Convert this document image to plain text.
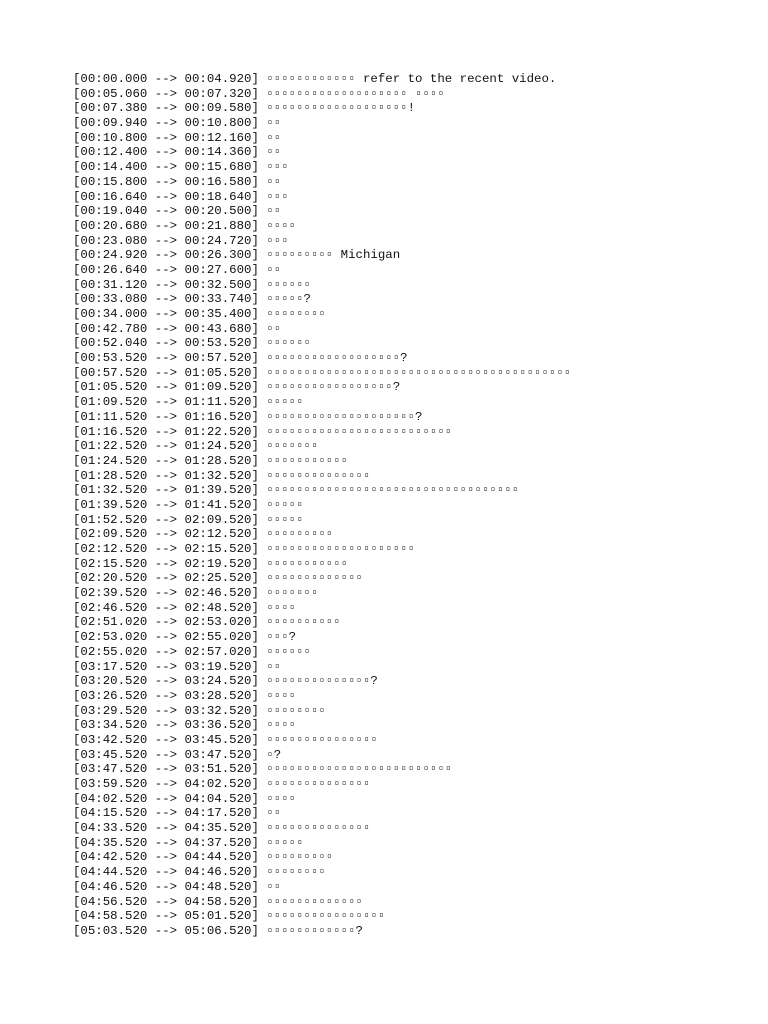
[00:00.000 --> 00:04.920] ▫▫▫▫▫▫▫▫▫▫▫▫ refer to the recent video.
[00:05.060 --> 00:07.320] ▫▫▫▫▫▫▫▫▫▫▫▫▫▫▫▫▫▫▫ ▫▫▫▫
[00:07.380 --> 00:09.580] ▫▫▫▫▫▫▫▫▫▫▫▫▫▫▫▫▫▫▫!
[00:09.940 --> 00:10.800] ▫▫
[00:10.800 --> 00:12.160] ▫▫
[00:12.400 --> 00:14.360] ▫▫
[00:14.400 --> 00:15.680] ▫▫▫
[00:15.800 --> 00:16.580] ▫▫
[00:16.640 --> 00:18.640] ▫▫▫
[00:19.040 --> 00:20.500] ▫▫
[00:20.680 --> 00:21.880] ▫▫▫▫
[00:23.080 --> 00:24.720] ▫▫▫
[00:24.920 --> 00:26.300] ▫▫▫▫▫▫▫▫▫ Michigan
[00:26.640 --> 00:27.600] ▫▫
[00:31.120 --> 00:32.500] ▫▫▫▫▫▫
[00:33.080 --> 00:33.740] ▫▫▫▫▫?
[00:34.000 --> 00:35.400] ▫▫▫▫▫▫▫▫
[00:42.780 --> 00:43.680] ▫▫
[00:52.040 --> 00:53.520] ▫▫▫▫▫▫
[00:53.520 --> 00:57.520] ▫▫▫▫▫▫▫▫▫▫▫▫▫▫▫▫▫▫?
[00:57.520 --> 01:05.520] ▫▫▫▫▫▫▫▫▫▫▫▫▫▫▫▫▫▫▫▫▫▫▫▫▫▫▫▫▫▫▫▫▫▫▫▫▫▫▫▫▫
[01:05.520 --> 01:09.520] ▫▫▫▫▫▫▫▫▫▫▫▫▫▫▫▫▫?
[01:09.520 --> 01:11.520] ▫▫▫▫▫
[01:11.520 --> 01:16.520] ▫▫▫▫▫▫▫▫▫▫▫▫▫▫▫▫▫▫▫▫?
[01:16.520 --> 01:22.520] ▫▫▫▫▫▫▫▫▫▫▫▫▫▫▫▫▫▫▫▫▫▫▫▫▫
[01:22.520 --> 01:24.520] ▫▫▫▫▫▫▫
[01:24.520 --> 01:28.520] ▫▫▫▫▫▫▫▫▫▫▫
[01:28.520 --> 01:32.520] ▫▫▫▫▫▫▫▫▫▫▫▫▫▫
[01:32.520 --> 01:39.520] ▫▫▫▫▫▫▫▫▫▫▫▫▫▫▫▫▫▫▫▫▫▫▫▫▫▫▫▫▫▫▫▫▫▫
[01:39.520 --> 01:41.520] ▫▫▫▫▫
[01:52.520 --> 02:09.520] ▫▫▫▫▫
[02:09.520 --> 02:12.520] ▫▫▫▫▫▫▫▫▫
[02:12.520 --> 02:15.520] ▫▫▫▫▫▫▫▫▫▫▫▫▫▫▫▫▫▫▫▫
[02:15.520 --> 02:19.520] ▫▫▫▫▫▫▫▫▫▫▫
[02:20.520 --> 02:25.520] ▫▫▫▫▫▫▫▫▫▫▫▫▫
[02:39.520 --> 02:46.520] ▫▫▫▫▫▫▫
[02:46.520 --> 02:48.520] ▫▫▫▫
[02:51.020 --> 02:53.020] ▫▫▫▫▫▫▫▫▫▫
[02:53.020 --> 02:55.020] ▫▫▫?
[02:55.020 --> 02:57.020] ▫▫▫▫▫▫
[03:17.520 --> 03:19.520] ▫▫
[03:20.520 --> 03:24.520] ▫▫▫▫▫▫▫▫▫▫▫▫▫▫?
[03:26.520 --> 03:28.520] ▫▫▫▫
[03:29.520 --> 03:32.520] ▫▫▫▫▫▫▫▫
[03:34.520 --> 03:36.520] ▫▫▫▫
[03:42.520 --> 03:45.520] ▫▫▫▫▫▫▫▫▫▫▫▫▫▫▫
[03:45.520 --> 03:47.520] ▫?
[03:47.520 --> 03:51.520] ▫▫▫▫▫▫▫▫▫▫▫▫▫▫▫▫▫▫▫▫▫▫▫▫▫
[03:59.520 --> 04:02.520] ▫▫▫▫▫▫▫▫▫▫▫▫▫▫
[04:02.520 --> 04:04.520] ▫▫▫▫
[04:15.520 --> 04:17.520] ▫▫
[04:33.520 --> 04:35.520] ▫▫▫▫▫▫▫▫▫▫▫▫▫▫
[04:35.520 --> 04:37.520] ▫▫▫▫▫
[04:42.520 --> 04:44.520] ▫▫▫▫▫▫▫▫▫
[04:44.520 --> 04:46.520] ▫▫▫▫▫▫▫▫
[04:46.520 --> 04:48.520] ▫▫
[04:56.520 --> 04:58.520] ▫▫▫▫▫▫▫▫▫▫▫▫▫
[04:58.520 --> 05:01.520] ▫▫▫▫▫▫▫▫▫▫▫▫▫▫▫▫
[05:03.520 --> 05:06.520] ▫▫▫▫▫▫▫▫▫▫▫▫?
